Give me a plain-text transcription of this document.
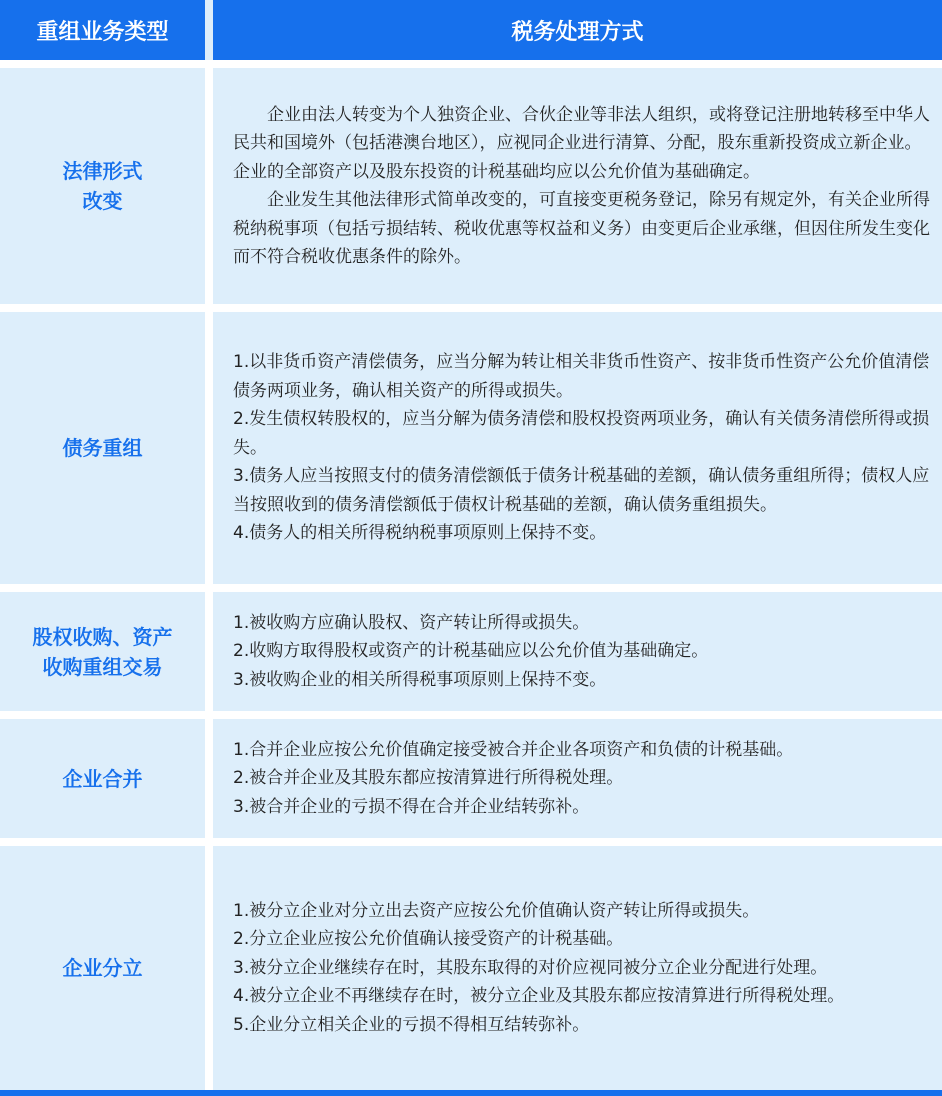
重组业务类型	税务处理方式
法律形式
改变

企业由法人转变为个人独资企业、合伙企业等非法人组织，或将登记注册地转移至中华人民共和国境外（包括港澳台地区），应视同企业进行清算、分配，股东重新投资成立新企业。企业的全部资产以及股东投资的计税基础均应以公允价值为基础确定。

企业发生其他法律形式简单改变的，可直接变更税务登记，除另有规定外，有关企业所得税纳税事项（包括亏损结转、税收优惠等权益和义务）由变更后企业承继，但因住所发生变化而不符合税收优惠条件的除外。

债务重组

1.以非货币资产清偿债务，应当分解为转让相关非货币性资产、按非货币性资产公允价值清偿债务两项业务，确认相关资产的所得或损失。

2.发生债权转股权的，应当分解为债务清偿和股权投资两项业务，确认有关债务清偿所得或损失。

3.债务人应当按照支付的债务清偿额低于债务计税基础的差额，确认债务重组所得；债权人应当按照收到的债务清偿额低于债权计税基础的差额，确认债务重组损失。

4.债务人的相关所得税纳税事项原则上保持不变。

股权收购、资产
收购重组交易

1.被收购方应确认股权、资产转让所得或损失。

2.收购方取得股权或资产的计税基础应以公允价值为基础确定。

3.被收购企业的相关所得税事项原则上保持不变。

企业合并

1.合并企业应按公允价值确定接受被合并企业各项资产和负债的计税基础。

2.被合并企业及其股东都应按清算进行所得税处理。

3.被合并企业的亏损不得在合并企业结转弥补。

企业分立

1.被分立企业对分立出去资产应按公允价值确认资产转让所得或损失。

2.分立企业应按公允价值确认接受资产的计税基础。

3.被分立企业继续存在时，其股东取得的对价应视同被分立企业分配进行处理。

4.被分立企业不再继续存在时，被分立企业及其股东都应按清算进行所得税处理。

5.企业分立相关企业的亏损不得相互结转弥补。
